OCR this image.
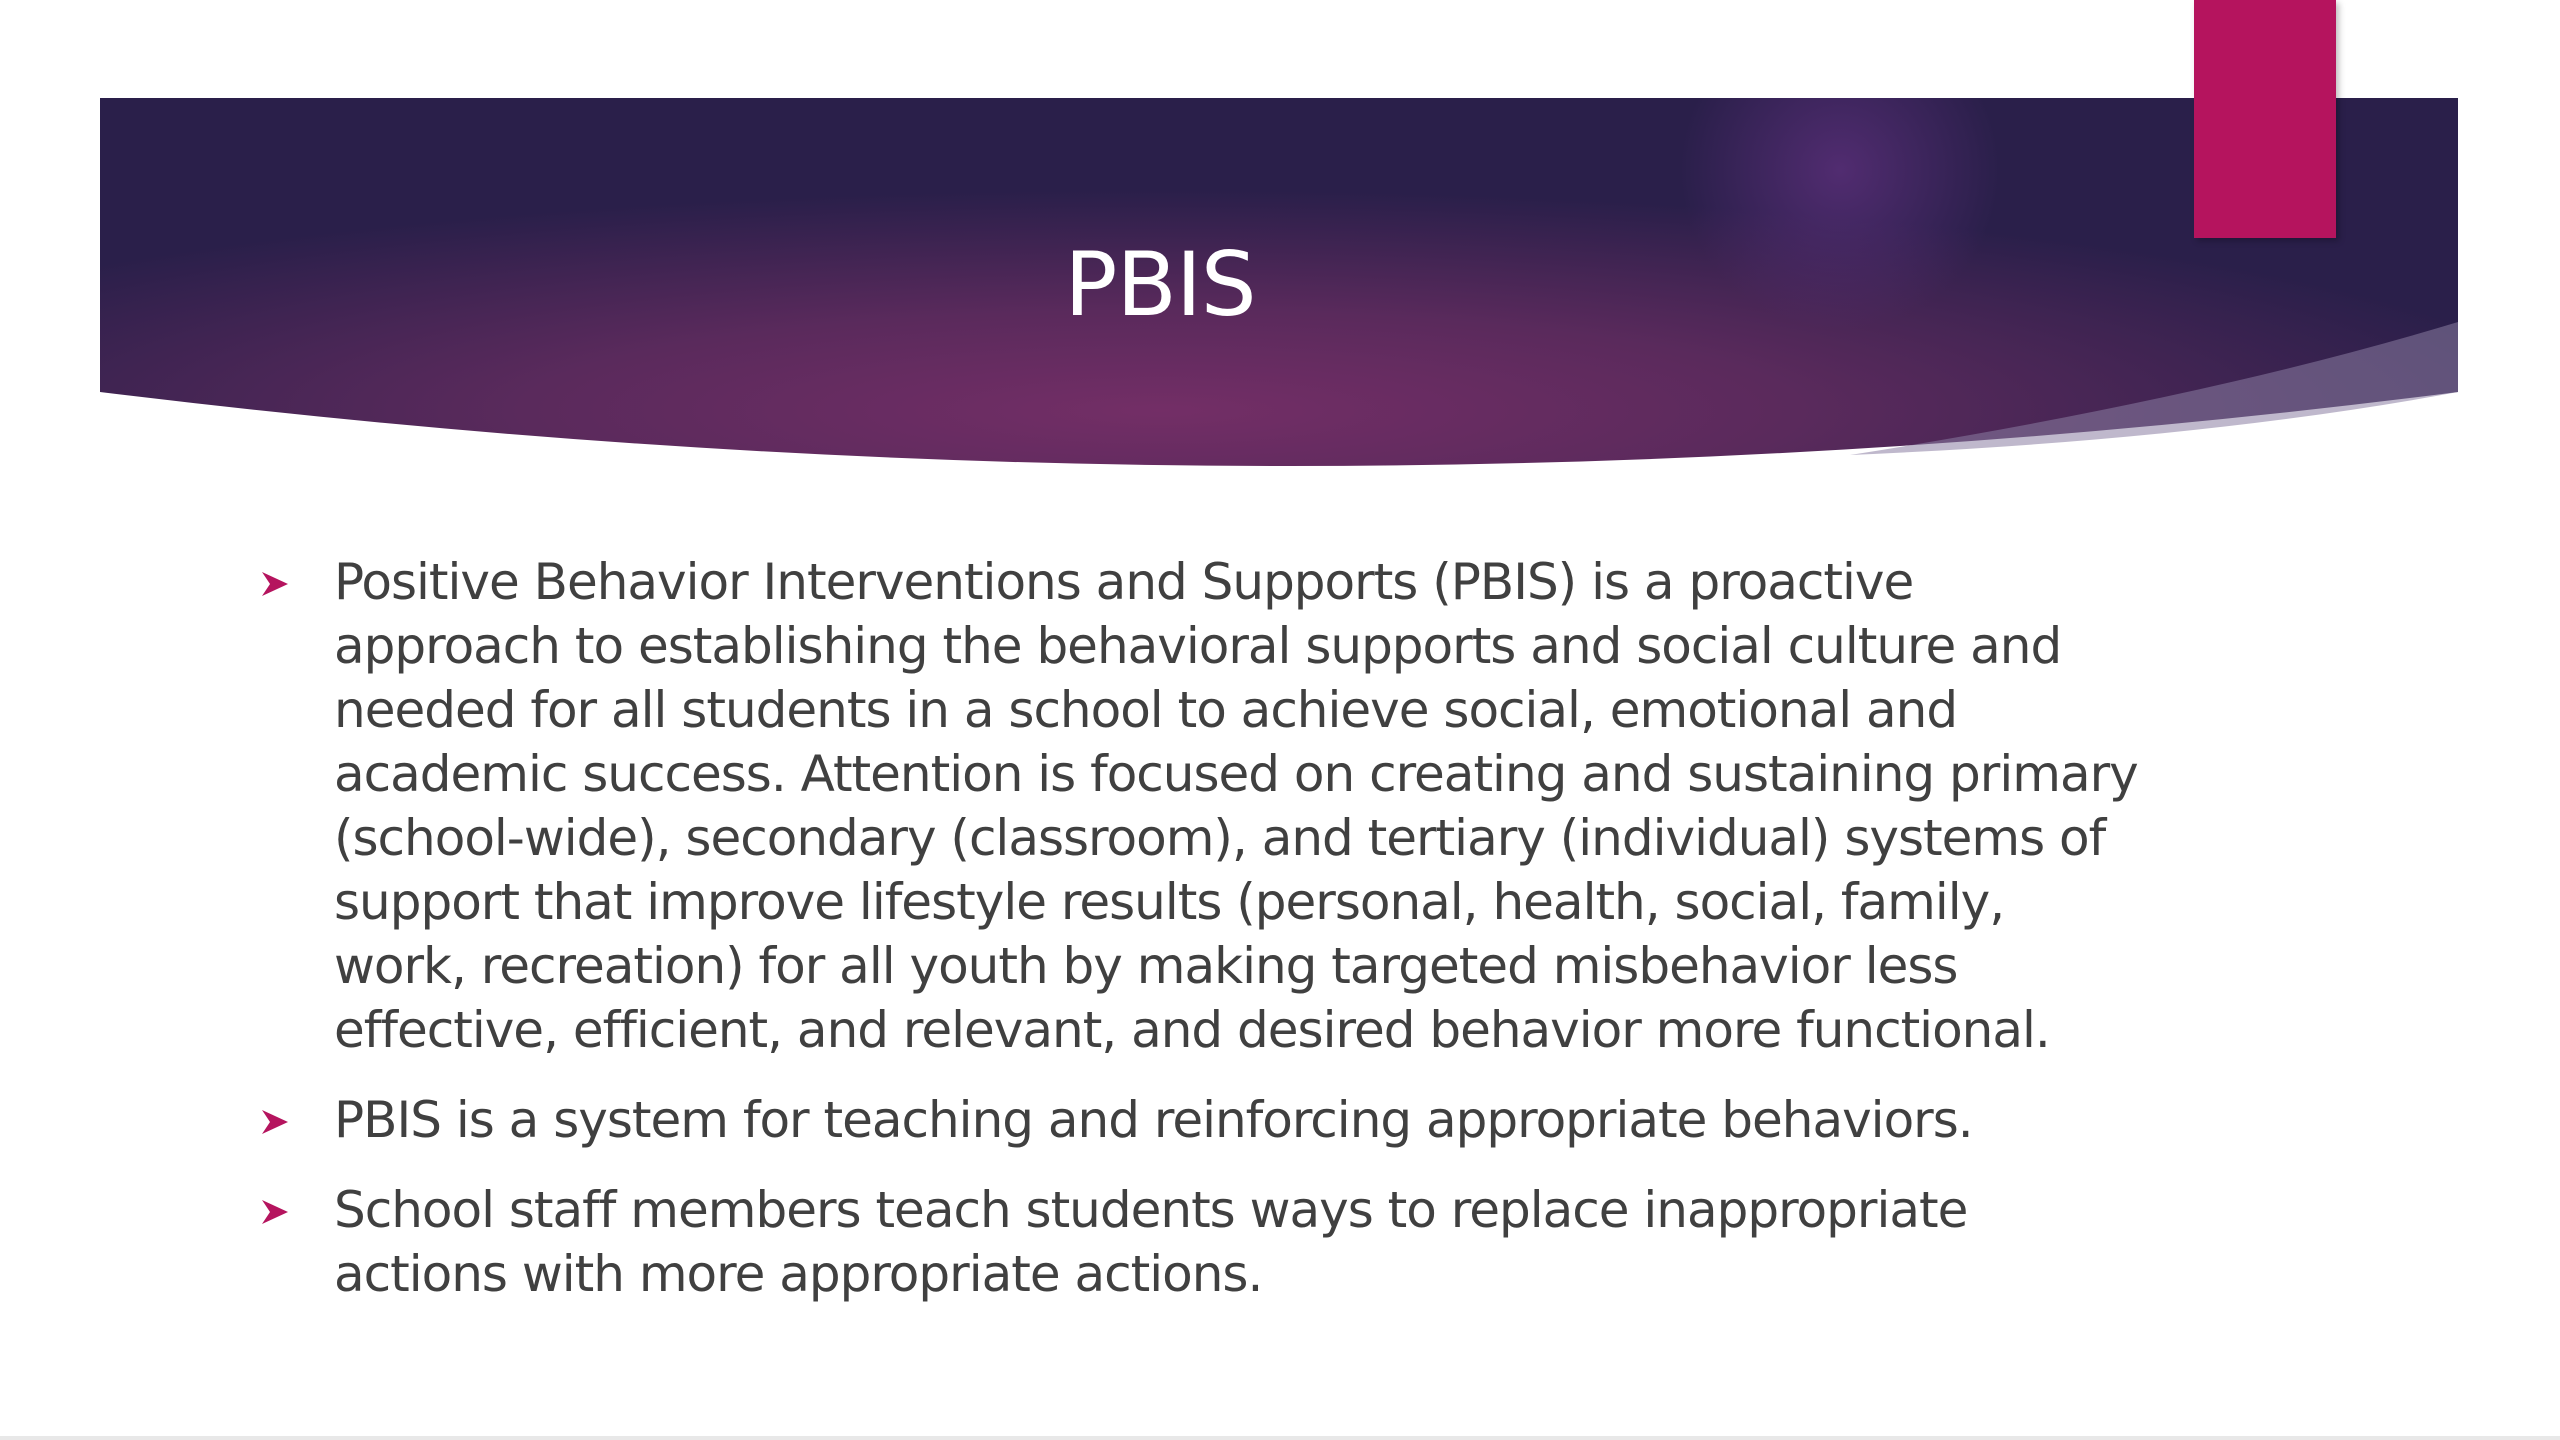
PBIS
Positive Behavior Interventions and Supports (PBIS) is a proactive approach to establishing the behavioral supports and social culture and needed for all students in a school to achieve social, emotional and academic success. Attention is focused on creating and sustaining primary (school-wide), secondary (classroom), and tertiary (individual) systems of support that improve lifestyle results (personal, health, social, family, work, recreation) for all youth by making targeted misbehavior less effective, efficient, and relevant, and desired behavior more functional.
PBIS is a system for teaching and reinforcing appropriate behaviors.
School staff members teach students ways to replace inappropriate actions with more appropriate actions.
